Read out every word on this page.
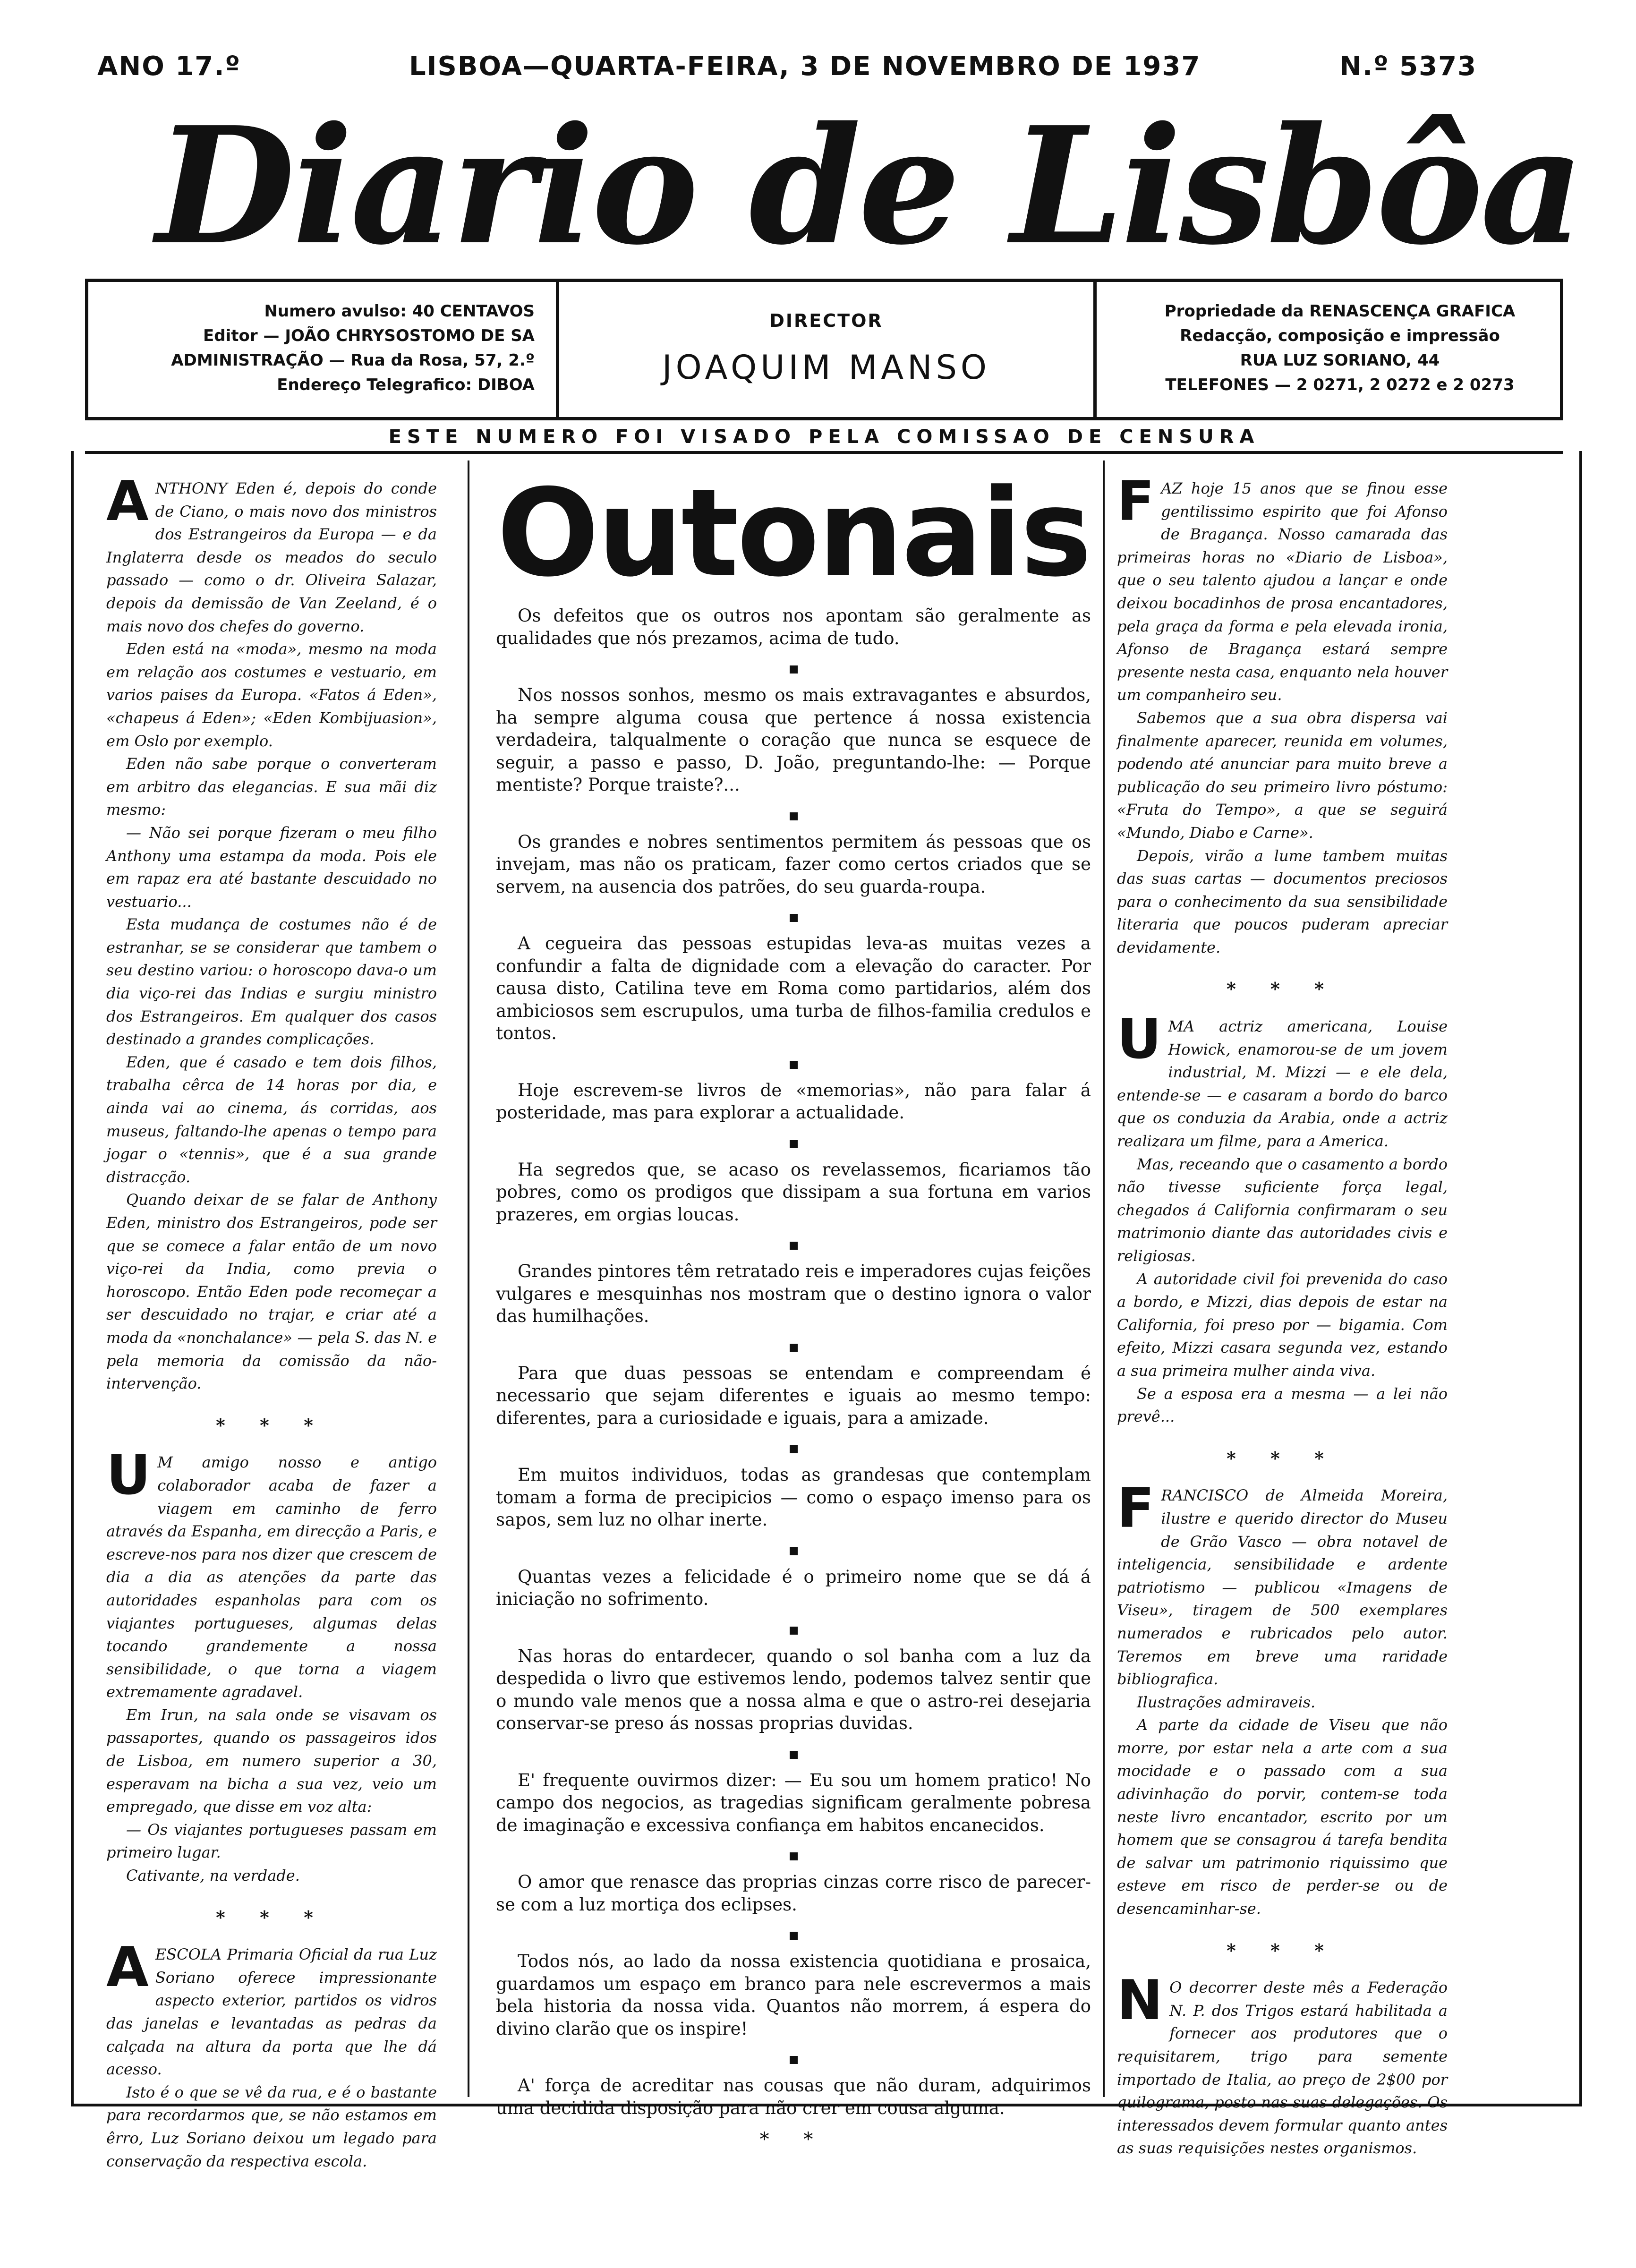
ANO 17.º	LISBOA—QUARTA-FEIRA, 3 DE NOVEMBRO DE 1937	N.º 5373
Diario de Lisbôa
Numero avulso: 40 CENTAVOS
Editor — JOÃO CHRYSOSTOMO DE SA
ADMINISTRAÇÃO — Rua da Rosa, 57, 2.º
Endereço Telegrafico: DIBOA
DIRECTOR
JOAQUIM MANSO
Propriedade da RENASCENÇA GRAFICA
Redacção, composição e impressão
RUA LUZ SORIANO, 44
TELEFONES — 2 0271, 2 0272 e 2 0273
ESTE NUMERO FOI VISADO PELA COMISSAO DE CENSURA

ANTHONY Eden é, depois do conde de Ciano, o mais novo dos ministros dos Estrangeiros da Europa — e da Inglaterra desde os meados do seculo passado — como o dr. Oliveira Salazar, depois da demissão de Van Zeeland, é o mais novo dos chefes do governo.

Eden está na «moda», mesmo na moda em relação aos costumes e vestuario, em varios paises da Europa. «Fatos á Eden», «chapeus á Eden»; «Eden Kombijuasion», em Oslo por exemplo.

Eden não sabe porque o converteram em arbitro das elegancias. E sua mãi diz mesmo:

— Não sei porque fizeram o meu filho Anthony uma estampa da moda. Pois ele em rapaz era até bastante descuidado no vestuario...

Esta mudança de costumes não é de estranhar, se se considerar que tambem o seu destino variou: o horoscopo dava-o um dia viço-rei das Indias e surgiu ministro dos Estrangeiros. Em qualquer dos casos destinado a grandes complicações.

Eden, que é casado e tem dois filhos, trabalha cêrca de 14 horas por dia, e ainda vai ao cinema, ás corridas, aos museus, faltando-lhe apenas o tempo para jogar o «tennis», que é a sua grande distracção.

Quando deixar de se falar de Anthony Eden, ministro dos Estrangeiros, pode ser que se comece a falar então de um novo viço-rei da India, como previa o horoscopo. Então Eden pode recomeçar a ser descuidado no trajar, e criar até a moda da «nonchalance» — pela S. das N. e pela memoria da comissão da não-intervenção.

* * *

U M amigo nosso e antigo colaborador acaba de fazer a viagem em caminho de ferro através da Espanha, em direcção a Paris, e escreve-nos para nos dizer que crescem de dia a dia as atenções da parte das autoridades espanholas para com os viajantes portugueses, algumas delas tocando grandemente a nossa sensibilidade, o que torna a viagem extremamente agradavel.

Em Irun, na sala onde se visavam os passaportes, quando os passageiros idos de Lisboa, em numero superior a 30, esperavam na bicha a sua vez, veio um empregado, que disse em voz alta:

— Os viajantes portugueses passam em primeiro lugar.

Cativante, na verdade.

* * *

AESCOLA Primaria Oficial da rua Luz Soriano oferece impressionante aspecto exterior, partidos os vidros das janelas e levantadas as pedras da calçada na altura da porta que lhe dá acesso.

Isto é o que se vê da rua, e é o bastante para recordarmos que, se não estamos em êrro, Luz Soriano deixou um legado para conservação da respectiva escola.

Outonais

Os defeitos que os outros nos apontam são geralmente as qualidades que nós prezamos, acima de tudo.

Nos nossos sonhos, mesmo os mais extravagantes e absurdos, ha sempre alguma cousa que pertence á nossa existencia verdadeira, talqualmente o coração que nunca se esquece de seguir, a passo e passo, D. João, preguntando-lhe: — Porque mentiste? Porque traiste?...

Os grandes e nobres sentimentos permitem ás pessoas que os invejam, mas não os praticam, fazer como certos criados que se servem, na ausencia dos patrões, do seu guarda-roupa.

A cegueira das pessoas estupidas leva-as muitas vezes a confundir a falta de dignidade com a elevação do caracter. Por causa disto, Catilina teve em Roma como partidarios, além dos ambiciosos sem escrupulos, uma turba de filhos-familia credulos e tontos.

Hoje escrevem-se livros de «memorias», não para falar á posteridade, mas para explorar a actualidade.

Ha segredos que, se acaso os revelassemos, ficariamos tão pobres, como os prodigos que dissipam a sua fortuna em varios prazeres, em orgias loucas.

Grandes pintores têm retratado reis e imperadores cujas feições vulgares e mesquinhas nos mostram que o destino ignora o valor das humilhações.

Para que duas pessoas se entendam e compreendam é necessario que sejam diferentes e iguais ao mesmo tempo: diferentes, para a curiosidade e iguais, para a amizade.

Em muitos individuos, todas as grandesas que contemplam tomam a forma de precipicios — como o espaço imenso para os sapos, sem luz no olhar inerte.

Quantas vezes a felicidade é o primeiro nome que se dá á iniciação no sofrimento.

Nas horas do entardecer, quando o sol banha com a luz da despedida o livro que estivemos lendo, podemos talvez sentir que o mundo vale menos que a nossa alma e que o astro-rei desejaria conservar-se preso ás nossas proprias duvidas.

E' frequente ouvirmos dizer: — Eu sou um homem pratico! No campo dos negocios, as tragedias significam geralmente pobresa de imaginação e excessiva confiança em habitos encanecidos.

O amor que renasce das proprias cinzas corre risco de parecer-se com a luz mortiça dos eclipses.

Todos nós, ao lado da nossa existencia quotidiana e prosaica, guardamos um espaço em branco para nele escrevermos a mais bela historia da nossa vida. Quantos não morrem, á espera do divino clarão que os inspire!

A' força de acreditar nas cousas que não duram, adquirimos uma decidida disposição para não crer em cousa alguma.

* *

FAZ hoje 15 anos que se finou esse gentilissimo espirito que foi Afonso de Bragança. Nosso camarada das primeiras horas no «Diario de Lisboa», que o seu talento ajudou a lançar e onde deixou bocadinhos de prosa encantadores, pela graça da forma e pela elevada ironia, Afonso de Bragança estará sempre presente nesta casa, enquanto nela houver um companheiro seu.

Sabemos que a sua obra dispersa vai finalmente aparecer, reunida em volumes, podendo até anunciar para muito breve a publicação do seu primeiro livro póstumo: «Fruta do Tempo», a que se seguirá «Mundo, Diabo e Carne».

Depois, virão a lume tambem muitas das suas cartas — documentos preciosos para o conhecimento da sua sensibilidade literaria que poucos puderam apreciar devidamente.

* * *

UMA actriz americana, Louise Howick, enamorou-se de um jovem industrial, M. Mizzi — e ele dela, entende-se — e casaram a bordo do barco que os conduzia da Arabia, onde a actriz realizara um filme, para a America.

Mas, receando que o casamento a bordo não tivesse suficiente força legal, chegados á California confirmaram o seu matrimonio diante das autoridades civis e religiosas.

A autoridade civil foi prevenida do caso a bordo, e Mizzi, dias depois de estar na California, foi preso por — bigamia. Com efeito, Mizzi casara segunda vez, estando a sua primeira mulher ainda viva.

Se a esposa era a mesma — a lei não prevê...

* * *

FRANCISCO de Almeida Moreira, ilustre e querido director do Museu de Grão Vasco — obra notavel de inteligencia, sensibilidade e ardente patriotismo — publicou «Imagens de Viseu», tiragem de 500 exemplares numerados e rubricados pelo autor. Teremos em breve uma raridade bibliografica.

Ilustrações admiraveis.

A parte da cidade de Viseu que não morre, por estar nela a arte com a sua mocidade e o passado com a sua adivinhação do porvir, contem-se toda neste livro encantador, escrito por um homem que se consagrou á tarefa bendita de salvar um patrimonio riquissimo que esteve em risco de perder-se ou de desencaminhar-se.

* * *

N O decorrer deste mês a Federação N. P. dos Trigos estará habilitada a fornecer aos produtores que o requisitarem, trigo para semente importado de Italia, ao preço de 2$00 por quilograma, posto nas suas delegações. Os interessados devem formular quanto antes as suas requisições nestes organismos.
